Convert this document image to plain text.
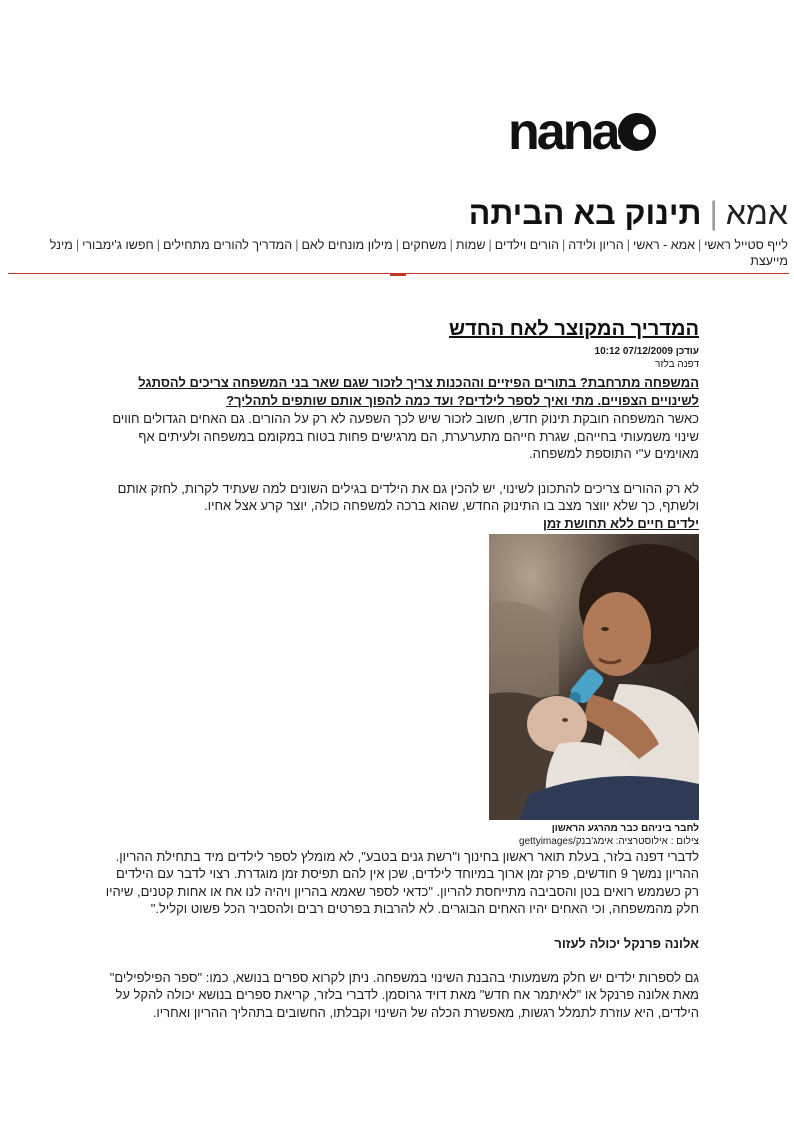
nana
אמא|תינוק בא הביתה
לייף סטייל ראשי|אמא - ראשי|הריון ולידה|הורים וילדים|שמות|משחקים|מילון מונחים לאם|המדריך להורים מתחילים|חפשו ג'ימבורי|מינל מייעצת
המדריך המקוצר לאח החדש
עודכן 07/12/2009 10:12
דפנה בלזר
המשפחה מתרחבת? בתורים הפיזיים וההכנות צריך לזכור שגם שאר בני המשפחה צריכים להסתגל לשינויים הצפויים. מתי ואיך לספר לילדים? ועד כמה להפוך אותם שותפים לתהליך?
כאשר המשפחה חובקת תינוק חדש, חשוב לזכור שיש לכך השפעה לא רק על ההורים. גם האחים הגדולים חווים שינוי משמעותי בחייהם, שגרת חייהם מתערערת, הם מרגישים פחות בטוח במקומם במשפחה ולעיתים אף מאוימים ע"י התוספת למשפחה.
לא רק ההורים צריכים להתכונן לשינוי, יש להכין גם את הילדים בגילים השונים למה שעתיד לקרות, לחזק אותם ולשתף, כך שלא יווצר מצב בו התינוק החדש, שהוא ברכה למשפחה כולה, יוצר קרע אצל אחיו.
ילדים חיים ללא תחושת זמן
לחבר ביניהם כבר מהרגע הראשון
צילום : אילוסטרציה: אימג'בנק/gettyimages
לדברי דפנה בלזר, בעלת תואר ראשון בחינוך ו"רשת גנים בטבע", לא מומלץ לספר לילדים מיד בתחילת ההריון. ההריון נמשך 9 חודשים, פרק זמן ארוך במיוחד לילדים, שכן אין להם תפיסת זמן מוגדרת. רצוי לדבר עם הילדים רק כשממש רואים בטן והסביבה מתייחסת להריון. "כדאי לספר שאמא בהריון ויהיה לנו אח או אחות קטנים, שיהיו חלק מהמשפחה, וכי האחים יהיו האחים הבוגרים. לא להרבות בפרטים רבים ולהסביר הכל פשוט וקליל."
אלונה פרנקל יכולה לעזור
גם לספרות ילדים יש חלק משמעותי בהבנת השינוי במשפחה. ניתן לקרוא ספרים בנושא, כמו: "ספר הפילפילים" מאת אלונה פרנקל או "לאיתמר אח חדש" מאת דויד גרוסמן. לדברי בלזר, קריאת ספרים בנושא יכולה להקל על הילדים, היא עוזרת לתמלל רגשות, מאפשרת הכלה של השינוי וקבלתו, החשובים בתהליך ההריון ואחריו.
